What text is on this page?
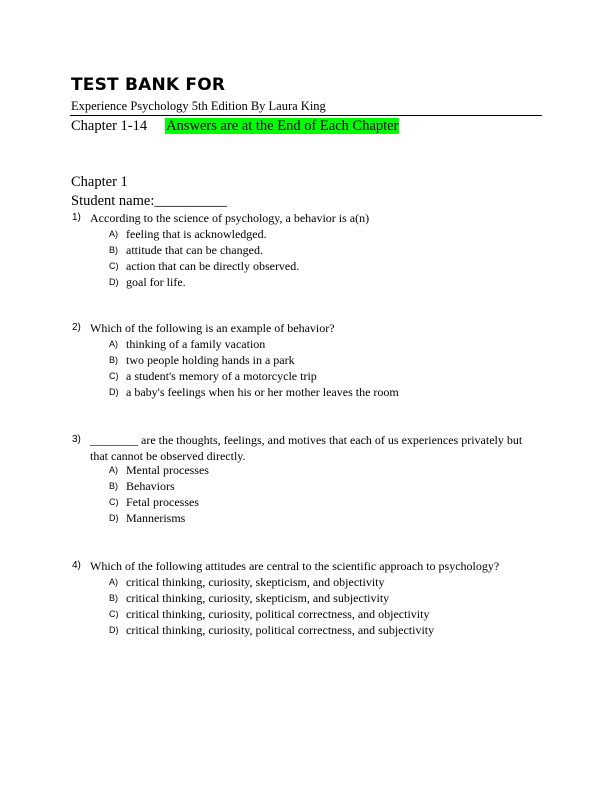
TEST BANK FOR
Experience Psychology 5th Edition By Laura King
Chapter 1-14 Answers are at the End of Each Chapter
Chapter 1
Student name:__________
1) According to the science of psychology, a behavior is a(n)
A) feeling that is acknowledged.
B) attitude that can be changed.
C) action that can be directly observed.
D) goal for life.
2) Which of the following is an example of behavior?
A) thinking of a family vacation
B) two people holding hands in a park
C) a student's memory of a motorcycle trip
D) a baby's feelings when his or her mother leaves the room
3) ________ are the thoughts, feelings, and motives that each of us experiences privately but that cannot be observed directly.
A) Mental processes
B) Behaviors
C) Fetal processes
D) Mannerisms
4) Which of the following attitudes are central to the scientific approach to psychology?
A) critical thinking, curiosity, skepticism, and objectivity
B) critical thinking, curiosity, skepticism, and subjectivity
C) critical thinking, curiosity, political correctness, and objectivity
D) critical thinking, curiosity, political correctness, and subjectivity
